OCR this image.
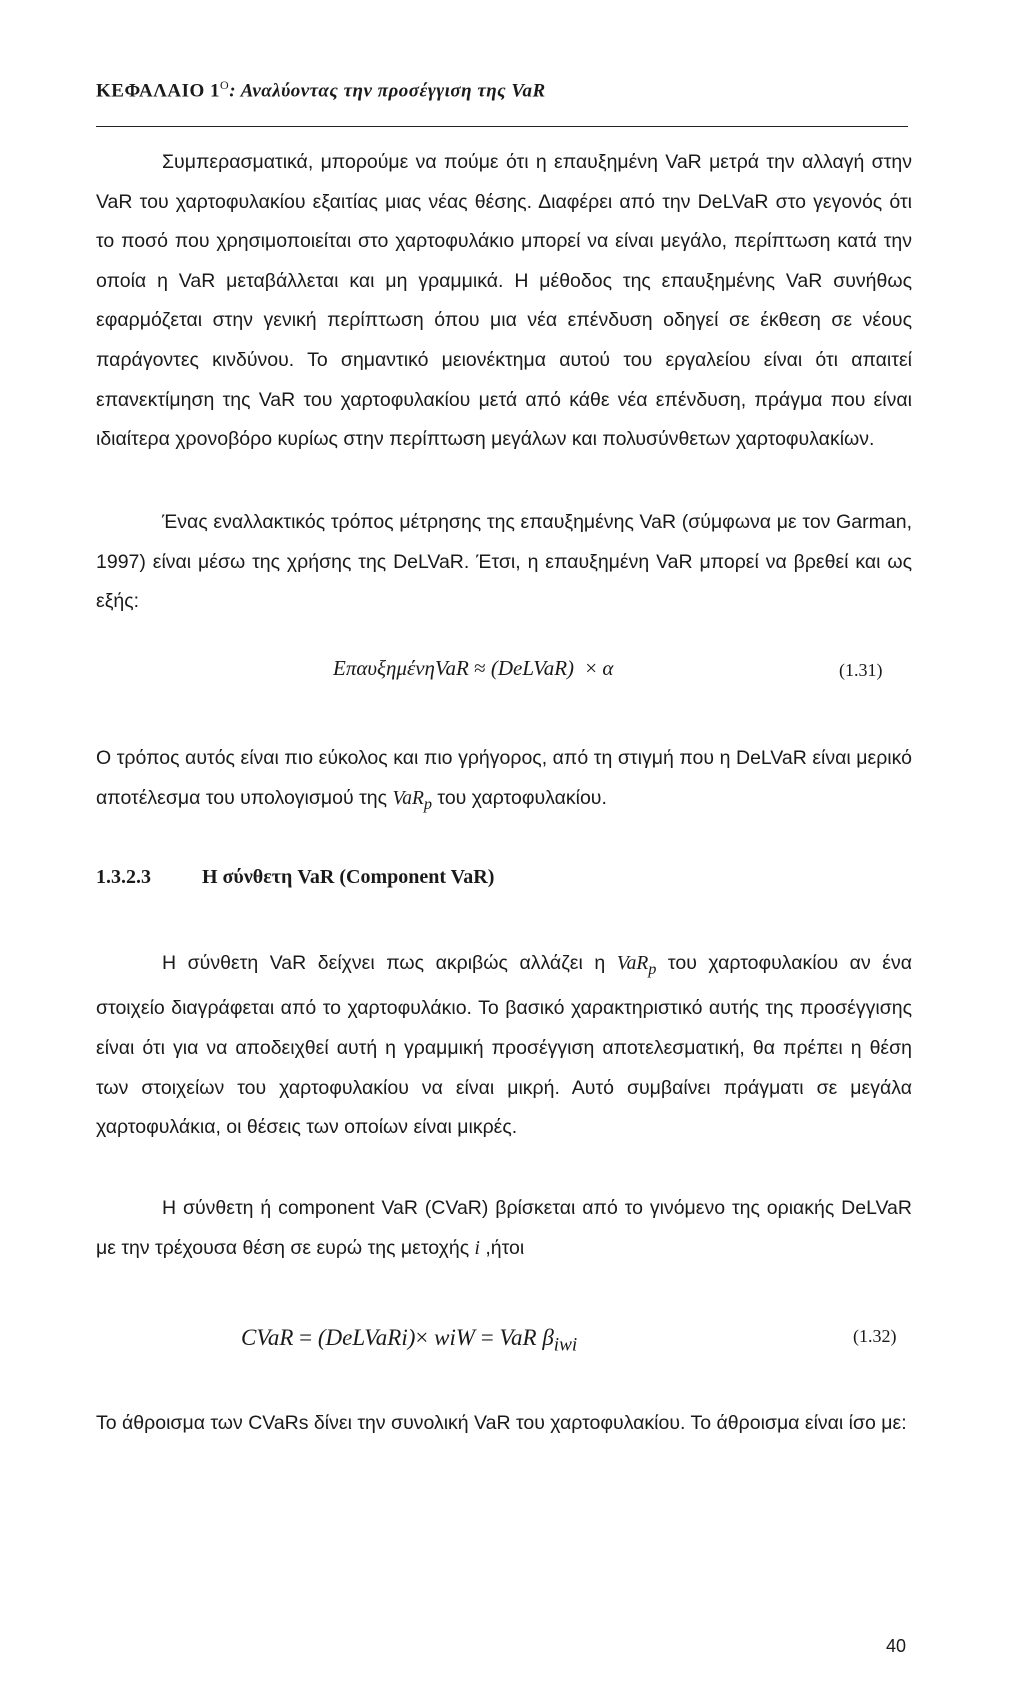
ΚΕΦΑΛΑΙΟ $1^O$: Αναλύοντας την προσέγγιση της VaR

Συμπερασματικά, μπορούμε να πούμε ότι η επαυξημένη VaR μετρά την αλλαγή στην VaR του χαρτοφυλακίου εξαιτίας μιας νέας θέσης. Διαφέρει από την DeLVaR στο γεγονός ότι το ποσό που χρησιμοποιείται στο χαρτοφυλάκιο μπορεί να είναι μεγάλο, περίπτωση κατά την οποία η VaR μεταβάλλεται και μη γραμμικά. Η μέθοδος της επαυξημένης VaR συνήθως εφαρμόζεται στην γενική περίπτωση όπου μια νέα επένδυση οδηγεί σε έκθεση σε νέους παράγοντες κινδύνου. Το σημαντικό μειονέκτημα αυτού του εργαλείου είναι ότι απαιτεί επανεκτίμηση της VaR του χαρτοφυλακίου μετά από κάθε νέα επένδυση, πράγμα που είναι ιδιαίτερα χρονοβόρο κυρίως στην περίπτωση μεγάλων και πολυσύνθετων χαρτοφυλακίων.

Ένας εναλλακτικός τρόπος μέτρησης της επαυξημένης VaR (σύμφωνα με τον Garman, 1997) είναι μέσω της χρήσης της DeLVaR. Έτσι, η επαυξημένη VaR μπορεί να βρεθεί και ως εξής:

ΕπαυξημένηVaR ≈ (DeLVaR) × α	(1.31)

Ο τρόπος αυτός είναι πιο εύκολος και πιο γρήγορος, από τη στιγμή που η DeLVaR είναι μερικό αποτέλεσμα του υπολογισμού της VaR$_p$ του χαρτοφυλακίου.

1.3.2.3	Η σύνθετη VaR (Component VaR)

Η σύνθετη VaR δείχνει πως ακριβώς αλλάζει η VaR$_p$ του χαρτοφυλακίου αν ένα στοιχείο διαγράφεται από το χαρτοφυλάκιο. Το βασικό χαρακτηριστικό αυτής της προσέγγισης είναι ότι για να αποδειχθεί αυτή η γραμμική προσέγγιση αποτελεσματική, θα πρέπει η θέση των στοιχείων του χαρτοφυλακίου να είναι μικρή. Αυτό συμβαίνει πράγματι σε μεγάλα χαρτοφυλάκια, οι θέσεις των οποίων είναι μικρές.

Η σύνθετη ή component VaR (CVaR) βρίσκεται από το γινόμενο της οριακής DeLVaR με την τρέχουσα θέση σε ευρώ της μετοχής i ,ήτοι

CVaR = (DeLVaRi)× wiW = VaR $\beta_{iwi}$	(1.32)

Το άθροισμα των CVaRs δίνει την συνολική VaR του χαρτοφυλακίου. Το άθροισμα είναι ίσο με:

40
